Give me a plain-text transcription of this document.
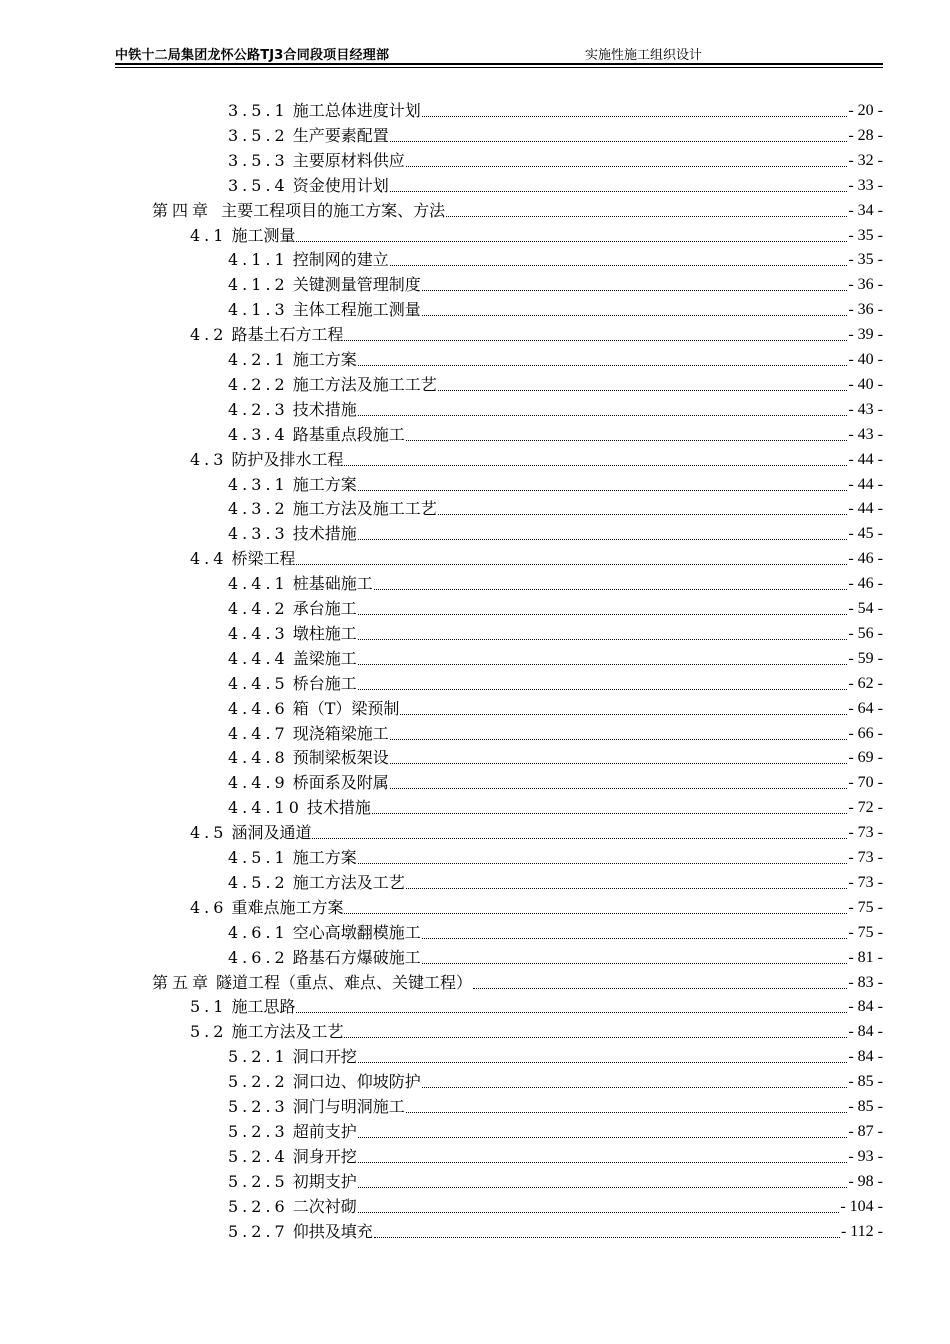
中铁十二局集团龙怀公路TJ3合同段项目经理部	实施性施工组织设计
3.5.1 施工总体进度计划	- 20 -
3.5.2 生产要素配置	- 28 -
3.5.3 主要原材料供应	- 32 -
3.5.4 资金使用计划	- 33 -
第四章 主要工程项目的施工方案、方法	- 34 -
4.1 施工测量	- 35 -
4.1.1 控制网的建立	- 35 -
4.1.2 关键测量管理制度	- 36 -
4.1.3 主体工程施工测量	- 36 -
4.2 路基土石方工程	- 39 -
4.2.1 施工方案	- 40 -
4.2.2 施工方法及施工工艺	- 40 -
4.2.3 技术措施	- 43 -
4.3.4 路基重点段施工	- 43 -
4.3 防护及排水工程	- 44 -
4.3.1 施工方案	- 44 -
4.3.2 施工方法及施工工艺	- 44 -
4.3.3 技术措施	- 45 -
4.4 桥梁工程	- 46 -
4.4.1 桩基础施工	- 46 -
4.4.2 承台施工	- 54 -
4.4.3 墩柱施工	- 56 -
4.4.4 盖梁施工	- 59 -
4.4.5 桥台施工	- 62 -
4.4.6 箱（T）梁预制	- 64 -
4.4.7 现浇箱梁施工	- 66 -
4.4.8 预制梁板架设	- 69 -
4.4.9 桥面系及附属	- 70 -
4.4.10 技术措施	- 72 -
4.5 涵洞及通道	- 73 -
4.5.1 施工方案	- 73 -
4.5.2 施工方法及工艺	- 73 -
4.6 重难点施工方案	- 75 -
4.6.1 空心高墩翻模施工	- 75 -
4.6.2 路基石方爆破施工	- 81 -
第五章 隧道工程（重点、难点、关键工程）	- 83 -
5.1 施工思路	- 84 -
5.2 施工方法及工艺	- 84 -
5.2.1 洞口开挖	- 84 -
5.2.2 洞口边、仰坡防护	- 85 -
5.2.3 洞门与明洞施工	- 85 -
5.2.3 超前支护	- 87 -
5.2.4 洞身开挖	- 93 -
5.2.5 初期支护	- 98 -
5.2.6 二次衬砌	- 104 -
5.2.7 仰拱及填充	- 112 -
